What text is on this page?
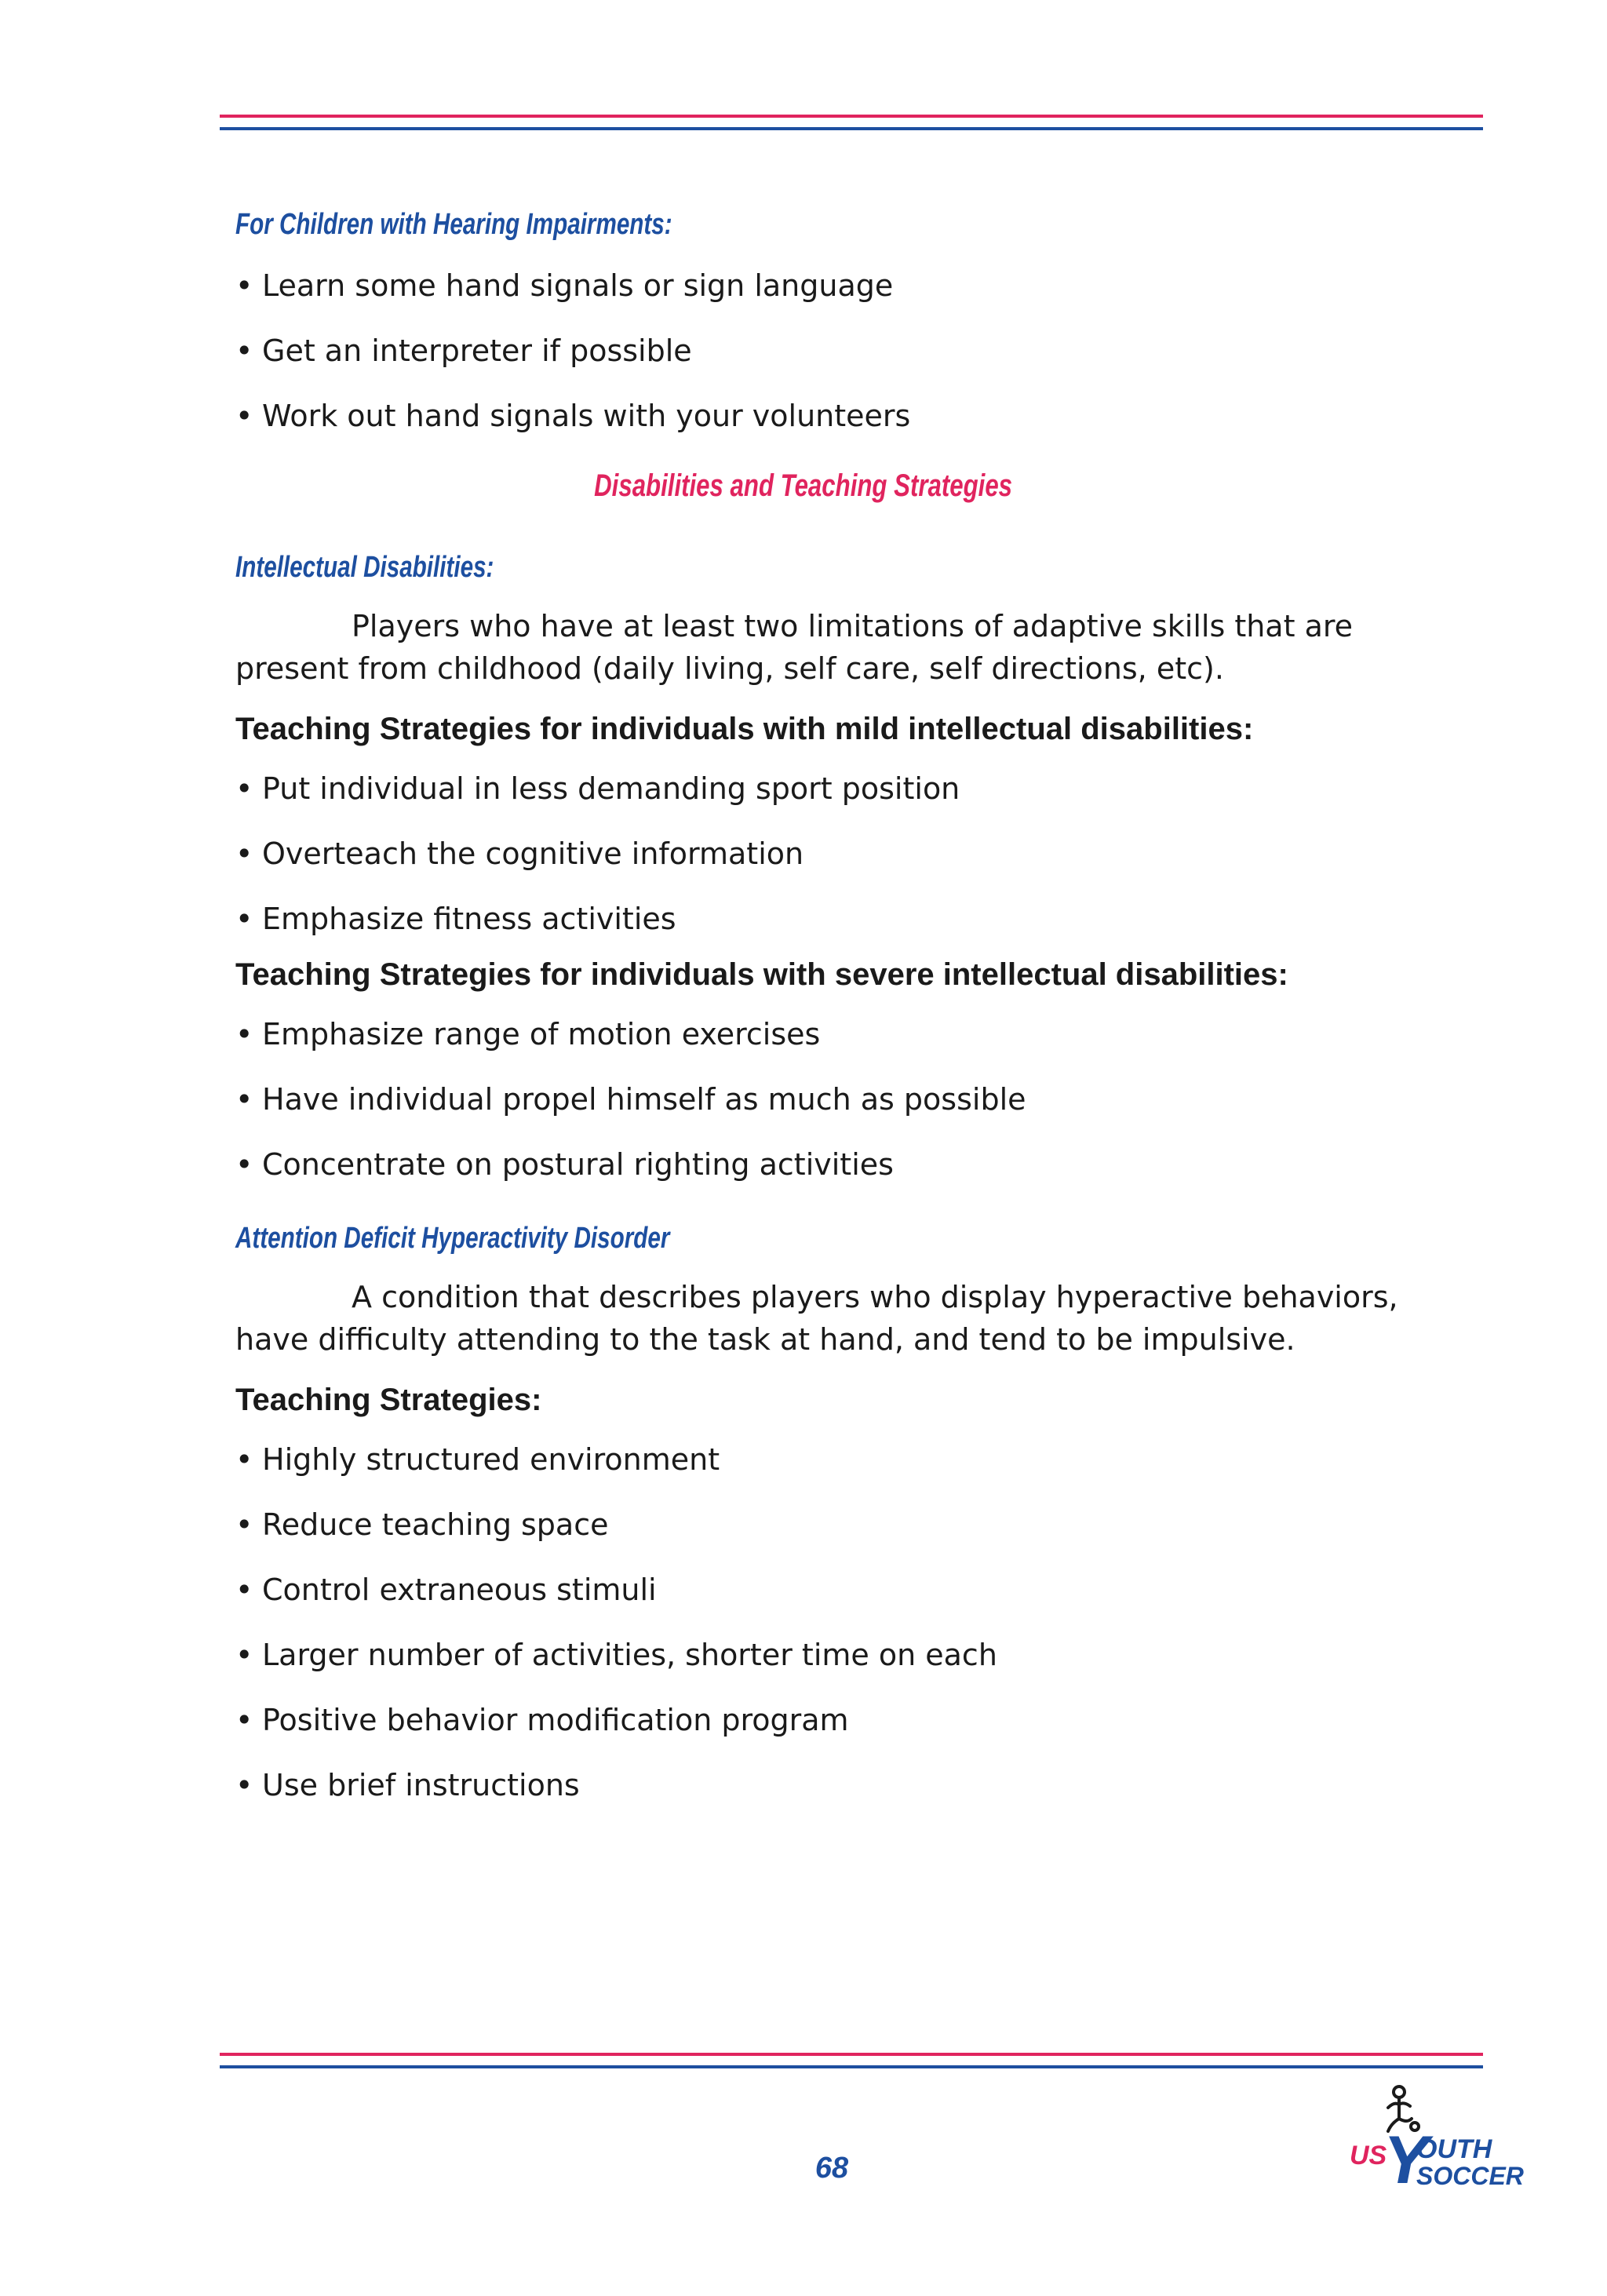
For Children with Hearing Impairments:
• Learn some hand signals or sign language
• Get an interpreter if possible
• Work out hand signals with your volunteers
Disabilities and Teaching Strategies
Intellectual Disabilities:

Players who have at least two limitations of adaptive skills that are present from childhood (daily living, self care, self directions, etc).

Teaching Strategies for individuals with mild intellectual disabilities:
• Put individual in less demanding sport position
• Overteach the cognitive information
• Emphasize fitness activities
Teaching Strategies for individuals with severe intellectual disabilities:
• Emphasize range of motion exercises
• Have individual propel himself as much as possible
• Concentrate on postural righting activities
Attention Deficit Hyperactivity Disorder

A condition that describes players who display hyperactive behaviors, have difficulty attending to the task at hand, and tend to be impulsive.

Teaching Strategies:
• Highly structured environment
• Reduce teaching space
• Control extraneous stimuli
• Larger number of activities, shorter time on each
• Positive behavior modification program
• Use brief instructions
68	US
Y
OUTH
SOCCER
